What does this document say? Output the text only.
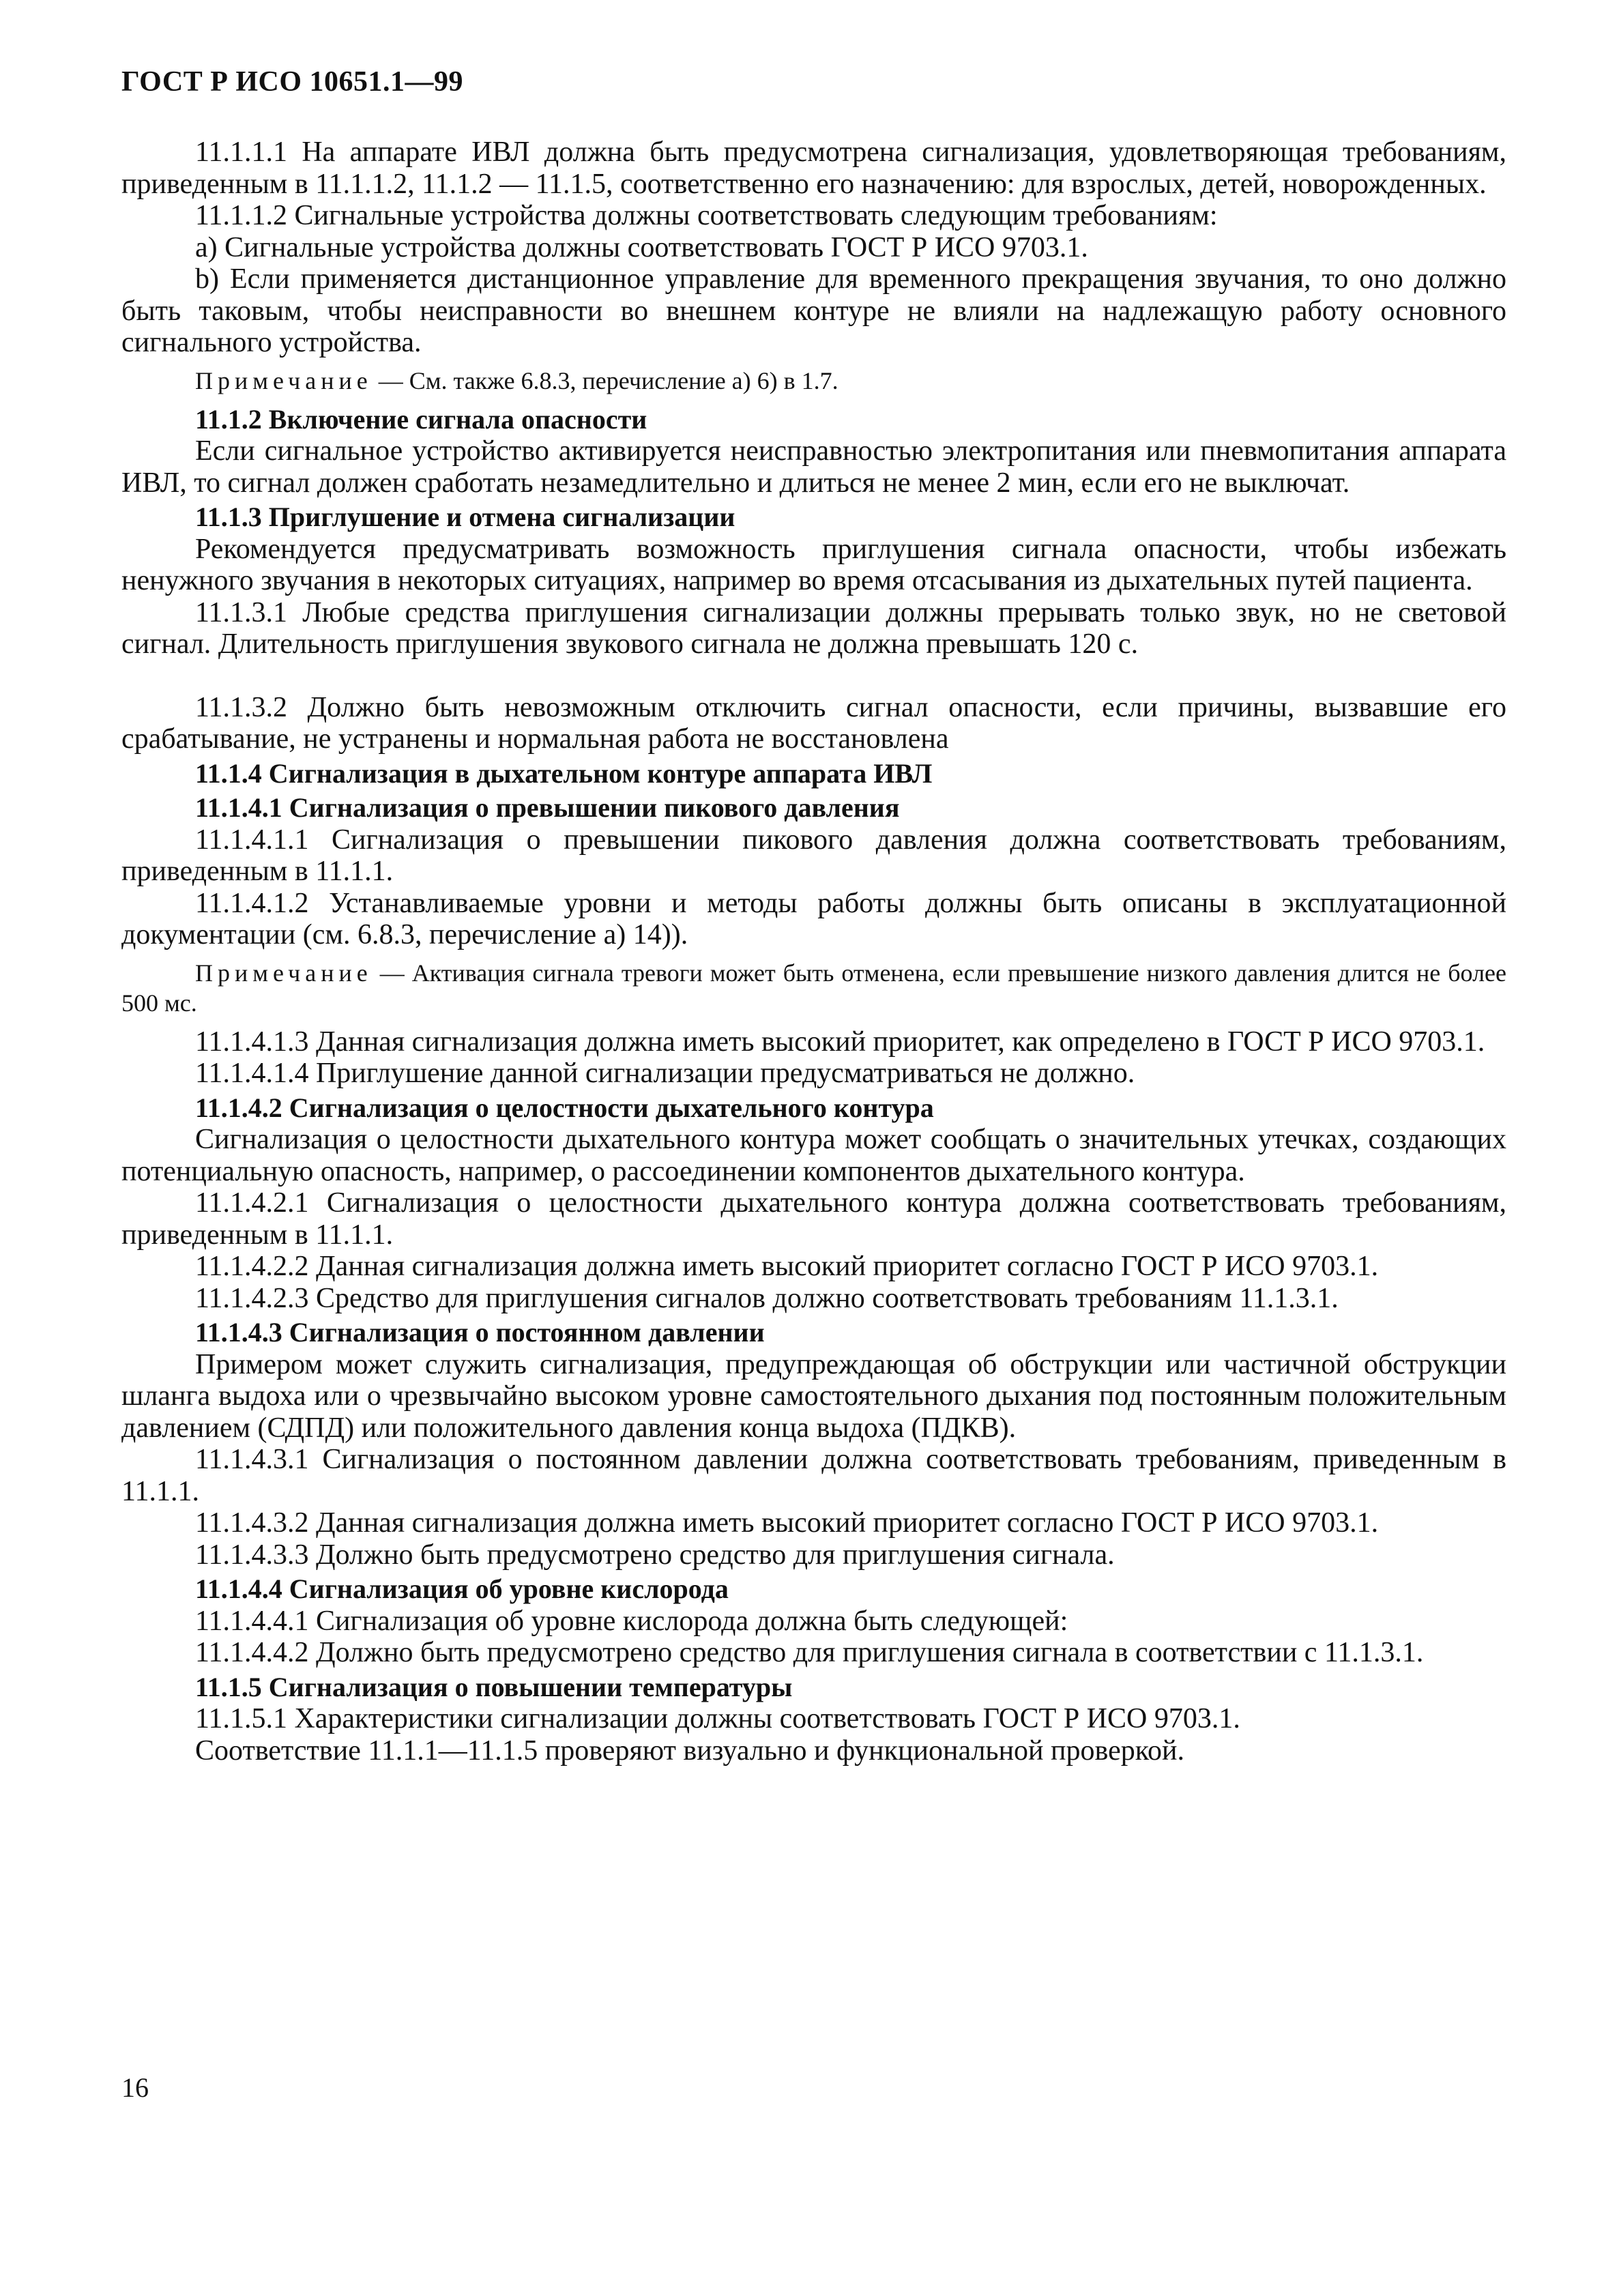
ГОСТ Р ИСО 10651.1—99

11.1.1.1 На аппарате ИВЛ должна быть предусмотрена сигнализация, удовлетворяющая требованиям, приведенным в 11.1.1.2, 11.1.2 — 11.1.5, соответственно его назначению: для взрослых, детей, новорожденных.

11.1.1.2 Сигнальные устройства должны соответствовать следующим требованиям:

a) Сигнальные устройства должны соответствовать ГОСТ Р ИСО 9703.1.

b) Если применяется дистанционное управление для временного прекращения звучания, то оно должно быть таковым, чтобы неисправности во внешнем контуре не влияли на надлежащую работу основного сигнального устройства.

Примечание — См. также 6.8.3, перечисление а) 6) в 1.7.

11.1.2 Включение сигнала опасности

Если сигнальное устройство активируется неисправностью электропитания или пневмопитания аппарата ИВЛ, то сигнал должен сработать незамедлительно и длиться не менее 2 мин, если его не выключат.

11.1.3 Приглушение и отмена сигнализации

Рекомендуется предусматривать возможность приглушения сигнала опасности, чтобы избежать ненужного звучания в некоторых ситуациях, например во время отсасывания из дыхательных путей пациента.

11.1.3.1 Любые средства приглушения сигнализации должны прерывать только звук, но не световой сигнал. Длительность приглушения звукового сигнала не должна превышать 120 с.

11.1.3.2 Должно быть невозможным отключить сигнал опасности, если причины, вызвавшие его срабатывание, не устранены и нормальная работа не восстановлена

11.1.4 Сигнализация в дыхательном контуре аппарата ИВЛ

11.1.4.1 Сигнализация о превышении пикового давления

11.1.4.1.1 Сигнализация о превышении пикового давления должна соответствовать требованиям, приведенным в 11.1.1.

11.1.4.1.2 Устанавливаемые уровни и методы работы должны быть описаны в эксплуатационной документации (см. 6.8.3, перечисление а) 14)).

Примечание — Активация сигнала тревоги может быть отменена, если превышение низкого давления длится не более 500 мс.

11.1.4.1.3 Данная сигнализация должна иметь высокий приоритет, как определено в ГОСТ Р ИСО 9703.1.

11.1.4.1.4 Приглушение данной сигнализации предусматриваться не должно.

11.1.4.2 Сигнализация о целостности дыхательного контура

Сигнализация о целостности дыхательного контура может сообщать о значительных утечках, создающих потенциальную опасность, например, о рассоединении компонентов дыхательного контура.

11.1.4.2.1 Сигнализация о целостности дыхательного контура должна соответствовать требованиям, приведенным в 11.1.1.

11.1.4.2.2 Данная сигнализация должна иметь высокий приоритет согласно ГОСТ Р ИСО 9703.1.

11.1.4.2.3 Средство для приглушения сигналов должно соответствовать требованиям 11.1.3.1.

11.1.4.3 Сигнализация о постоянном давлении

Примером может служить сигнализация, предупреждающая об обструкции или частичной обструкции шланга выдоха или о чрезвычайно высоком уровне самостоятельного дыхания под постоянным положительным давлением (СДПД) или положительного давления конца выдоха (ПДКВ).

11.1.4.3.1 Сигнализация о постоянном давлении должна соответствовать требованиям, приведенным в 11.1.1.

11.1.4.3.2 Данная сигнализация должна иметь высокий приоритет согласно ГОСТ Р ИСО 9703.1.

11.1.4.3.3 Должно быть предусмотрено средство для приглушения сигнала.

11.1.4.4 Сигнализация об уровне кислорода

11.1.4.4.1 Сигнализация об уровне кислорода должна быть следующей:

11.1.4.4.2 Должно быть предусмотрено средство для приглушения сигнала в соответствии с 11.1.3.1.

11.1.5 Сигнализация о повышении температуры

11.1.5.1 Характеристики сигнализации должны соответствовать ГОСТ Р ИСО 9703.1.

Соответствие 11.1.1—11.1.5 проверяют визуально и функциональной проверкой.

16
